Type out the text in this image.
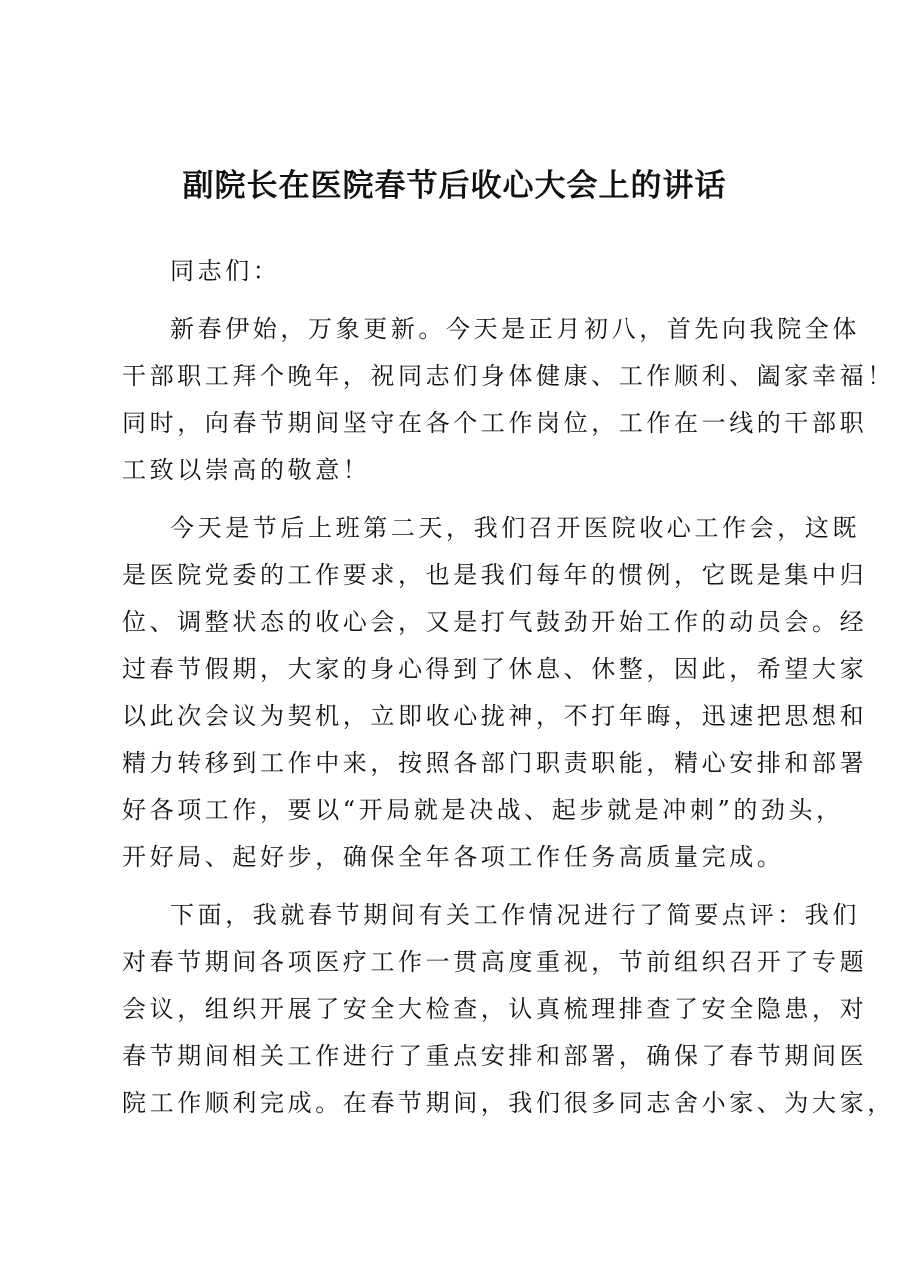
副院长在医院春节后收心大会上的讲话
同志们：
新春伊始，万象更新。今天是正月初八，首先向我院全体
干部职工拜个晚年，祝同志们身体健康、工作顺利、阖家幸福！
同时，向春节期间坚守在各个工作岗位，工作在一线的干部职
工致以崇高的敬意！
今天是节后上班第二天，我们召开医院收心工作会，这既
是医院党委的工作要求，也是我们每年的惯例，它既是集中归
位、调整状态的收心会，又是打气鼓劲开始工作的动员会。经
过春节假期，大家的身心得到了休息、休整，因此，希望大家
以此次会议为契机，立即收心拢神，不打年晦，迅速把思想和
精力转移到工作中来，按照各部门职责职能，精心安排和部署
好各项工作，要以“开局就是决战、起步就是冲刺”的劲头，
开好局、起好步，确保全年各项工作任务高质量完成。
下面，我就春节期间有关工作情况进行了简要点评：我们
对春节期间各项医疗工作一贯高度重视，节前组织召开了专题
会议，组织开展了安全大检查，认真梳理排查了安全隐患，对
春节期间相关工作进行了重点安排和部署，确保了春节期间医
院工作顺利完成。在春节期间，我们很多同志舍小家、为大家，
